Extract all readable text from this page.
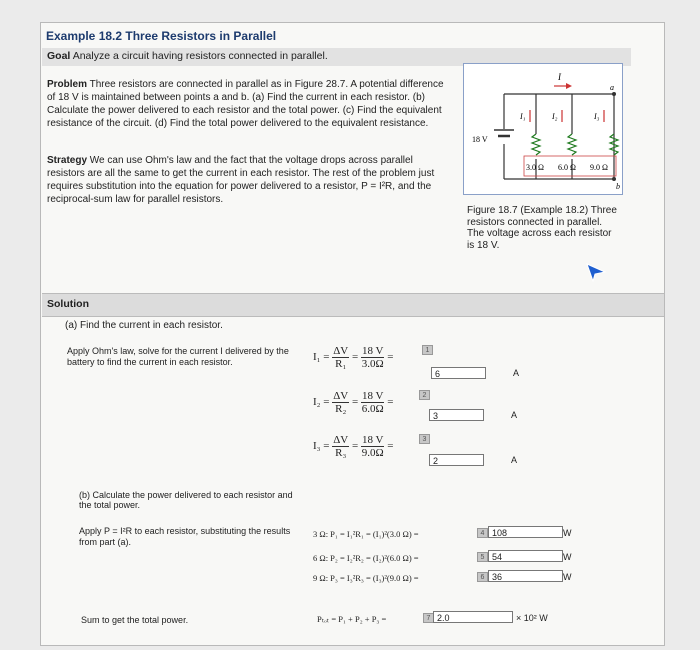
Example 18.2 Three Resistors in Parallel
Goal Analyze a circuit having resistors connected in parallel.
Problem Three resistors are connected in parallel as in Figure 28.7. A potential difference of 18 V is maintained between points a and b. (a) Find the current in each resistor. (b) Calculate the power delivered to each resistor and the total power. (c) Find the equivalent resistance of the circuit. (d) Find the total power delivered to the equivalent resistance.
Strategy We can use Ohm's law and the fact that the voltage drops across parallel resistors are all the same to get the current in each resistor. The rest of the problem just requires substitution into the equation for power delivered to a resistor, P = I²R, and the reciprocal-sum law for parallel resistors.
I
a
b
I₁	I₂	I₃
18 V
3.0 Ω 6.0 Ω 9.0 Ω
Figure 18.7 (Example 18.2) Three resistors connected in parallel. The voltage across each resistor is 18 V.
Solution
(a) Find the current in each resistor.
Apply Ohm's law, solve for the current I delivered by the battery to find the current in each resistor.	$I_1 = \frac{\Delta V}{\text{R₁}} = \frac{18 V}{3.0\Omega}$ =
1
6	A
$I_2 = \frac{\Delta V}{\text{R₂}} = \frac{18 V}{6.0\Omega}$ =
2
3	A
$I_3 = \frac{\Delta V}{\text{R₃}} = \frac{18 V}{9.0\Omega}$ =
3
2	A
(b) Calculate the power delivered to each resistor and the total power.
Apply P = I²R to each resistor, substituting the results from part (a).
3 Ω: P₁ = I₁²R₁ = (I₁)²(3.0 Ω) =	4 108	W
6 Ω: P₂ = I₂²R₂ = (I₂)²(6.0 Ω) =	5 54	W
9 Ω: P₃ = I₃²R₃ = (I₃)²(9.0 Ω) =	6 36	W
Sum to get the total power.	Pₜₒₜ = P₁ + P₂ + P₃ =	7 2.0	× 10² W
